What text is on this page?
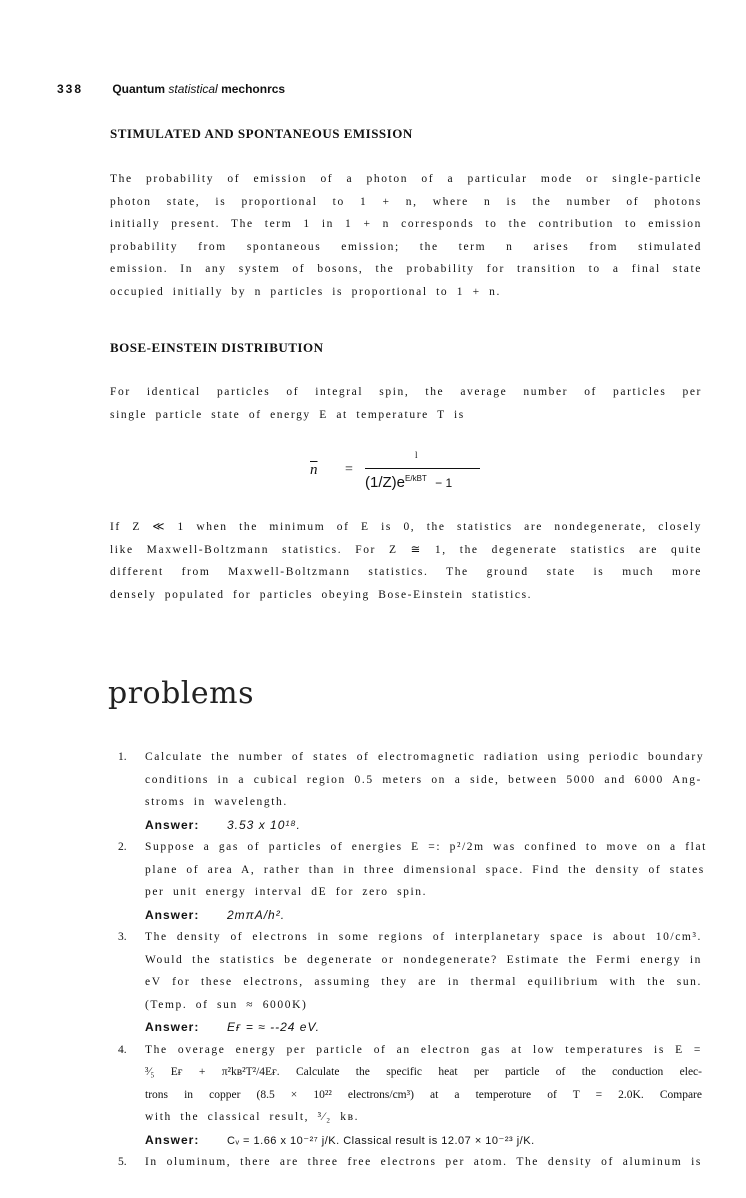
338 Quantum statistical mechonrcs
STIMULATED AND SPONTANEOUS EMISSION
The probability of emission of a photon of a particular mode or single-particle
photon state, is proportional to 1 + n, where n is the number of photons
initially present. The term 1 in 1 + n corresponds to the contribution to emission
probability from spontaneous emission; the term n arises from stimulated
emission. In any system of bosons, the probability for transition to a final state
occupied initially by n particles is proportional to 1 + n.
BOSE-EINSTEIN DISTRIBUTION
For identical particles of integral spin, the average number of particles per
single particle state of energy E at temperature T is
$\overline{n}$ =
l
$(1/Z)e^{E/kBT} - 1$
If Z ≪ 1 when the minimum of E is 0, the statistics are nondegenerate, closely
like Maxwell-Boltzmann statistics. For Z ≅ 1, the degenerate statistics are quite
different from Maxwell-Boltzmann statistics. The ground state is much more
densely populated for particles obeying Bose-Einstein statistics.
problems
1. Calculate the number of states of electromagnetic radiation using periodic boundary
conditions in a cubical region 0.5 meters on a side, between 5000 and 6000 Ang-
stroms in wavelength.
Answer: 3.53 x 10¹⁸.
2. Suppose a gas of particles of energies E =: p²/2m was confined to move on a flat
plane of area A, rather than in three dimensional space. Find the density of states
per unit energy interval dE for zero spin.
Answer: 2mπA/h².
3. The density of electrons in some regions of interplanetary space is about 10/cm³.
Would the statistics be degenerate or nondegenerate? Estimate the Fermi energy in
eV for these electrons, assuming they are in thermal equilibrium with the sun.
(Temp. of sun ≈ 6000K)
Answer: Eғ = ≈ --24 eV.
4. The overage energy per particle of an electron gas at low temperatures is E =
³⁄₅ Eғ + π²kʙ²T²/4Eғ. Calculate the specific heat per particle of the conduction elec-
trons in copper (8.5 × 10²² electrons/cm³) at a temperoture of T = 2.0K. Compare
with the classical result, ³⁄₂ kʙ.
Answer:	Cᵥ = 1.66 x 10⁻²⁷ j/K. Classical result is 12.07 × 10⁻²³ j/K.
5. In oluminum, there are three free electrons per atom. The density of aluminum is
